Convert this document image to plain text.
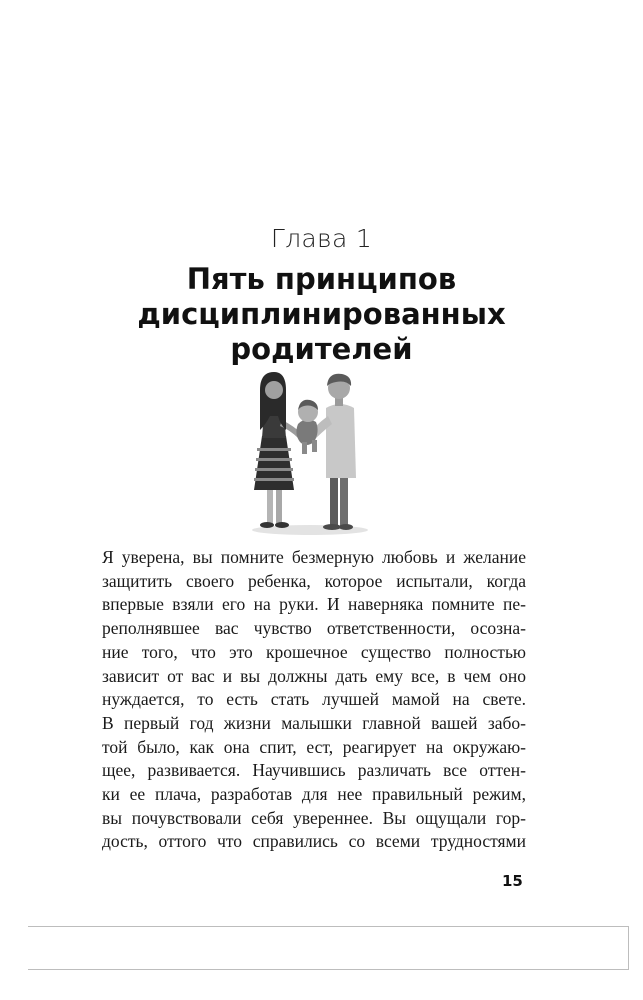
Глава 1
Пять принципов
дисциплинированных
родителей
Я уверена, вы помните безмерную любовь и желание
защитить своего ребенка, которое испытали, когда
впервые взяли его на руки. И наверняка помните пе-
реполнявшее вас чувство ответственности, осозна-
ние того, что это крошечное существо полностью
зависит от вас и вы должны дать ему все, в чем оно
нуждается, то есть стать лучшей мамой на свете.
В первый год жизни малышки главной вашей забо-
той было, как она спит, ест, реагирует на окружаю-
щее, развивается. Научившись различать все оттен-
ки ее плача, разработав для нее правильный режим,
вы почувствовали себя увереннее. Вы ощущали гор-
дость, оттого что справились со всеми трудностями
15
